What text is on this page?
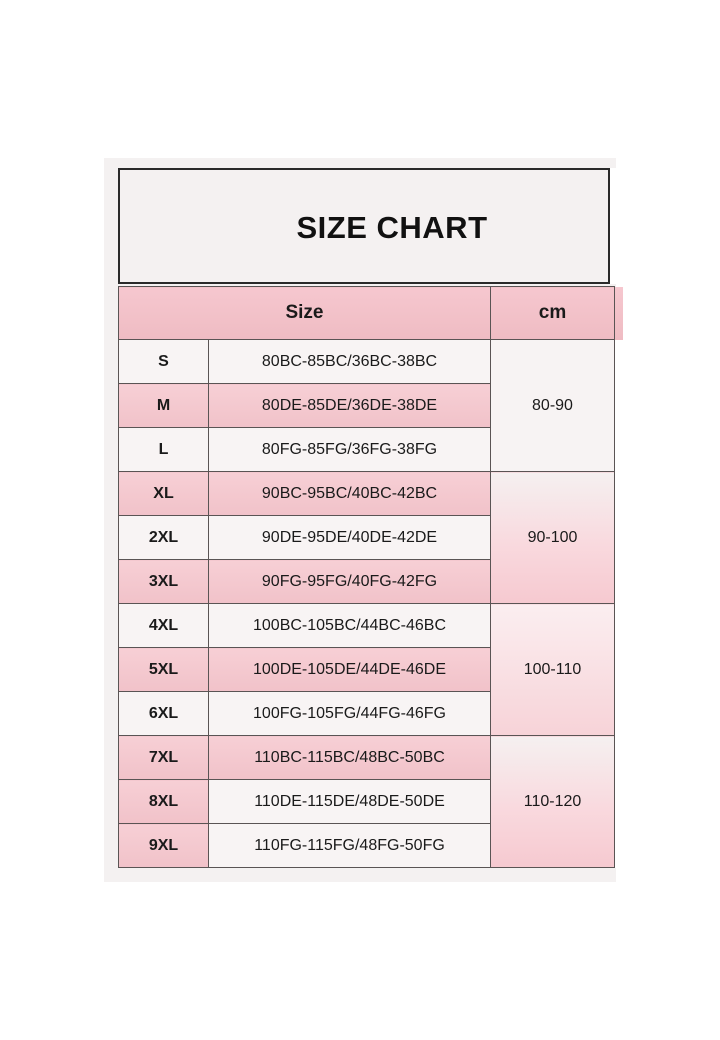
SIZE CHART
Size		cm	
S	80BC-85BC/36BC-38BC	80-90	
M	80DE-85DE/36DE-38DE		
L	80FG-85FG/36FG-38FG		
XL	90BC-95BC/40BC-42BC	90-100	
2XL	90DE-95DE/40DE-42DE		
3XL	90FG-95FG/40FG-42FG		
4XL	100BC-105BC/44BC-46BC	100-110	
5XL	100DE-105DE/44DE-46DE		
6XL	100FG-105FG/44FG-46FG		
7XL	110BC-115BC/48BC-50BC	110-120	
8XL	110DE-115DE/48DE-50DE		
9XL	110FG-115FG/48FG-50FG		
